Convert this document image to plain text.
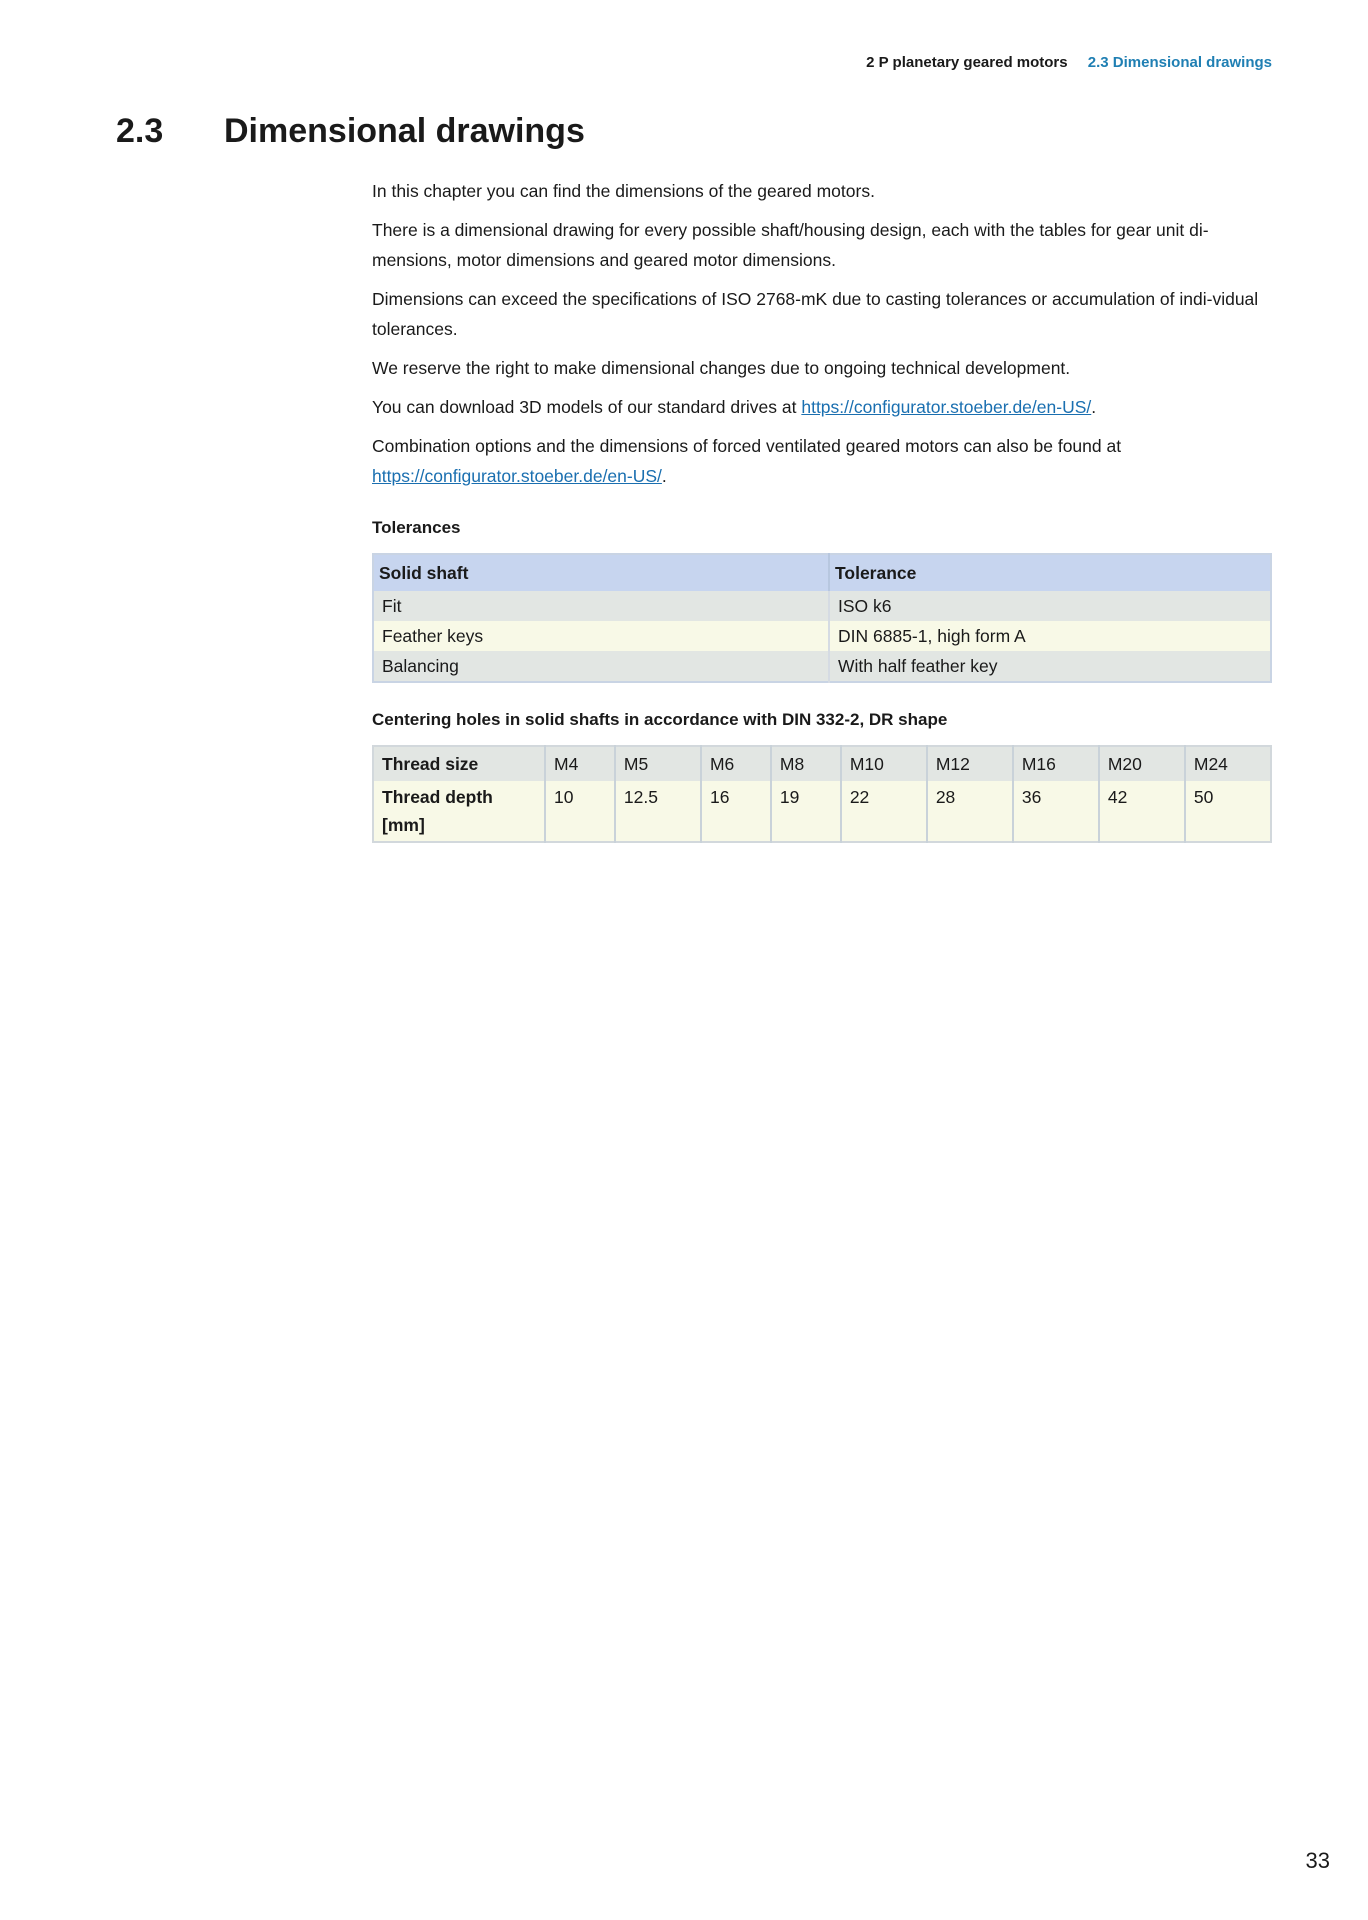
2 P planetary geared motors 2.3 Dimensional drawings
2.3 Dimensional drawings

In this chapter you can find the dimensions of the geared motors.

There is a dimensional drawing for every possible shaft/housing design, each with the tables for gear unit di-mensions, motor dimensions and geared motor dimensions.

Dimensions can exceed the specifications of ISO 2768-mK due to casting tolerances or accumulation of indi-vidual tolerances.

We reserve the right to make dimensional changes due to ongoing technical development.

You can download 3D models of our standard drives at https://configurator.stoeber.de/en-US/.

Combination options and the dimensions of forced ventilated geared motors can also be found at https://configurator.stoeber.de/en-US/.

Tolerances
Solid shaft	Tolerance
Fit	ISO k6
Feather keys	DIN 6885-1, high form A
Balancing	With half feather key
Centering holes in solid shafts in accordance with DIN 332-2, DR shape
Thread size	M4	M5	M6	M8	M10	M12	M16	M20	M24
Thread depth [mm]	10	12.5	16	19	22	28	36	42	50
33
